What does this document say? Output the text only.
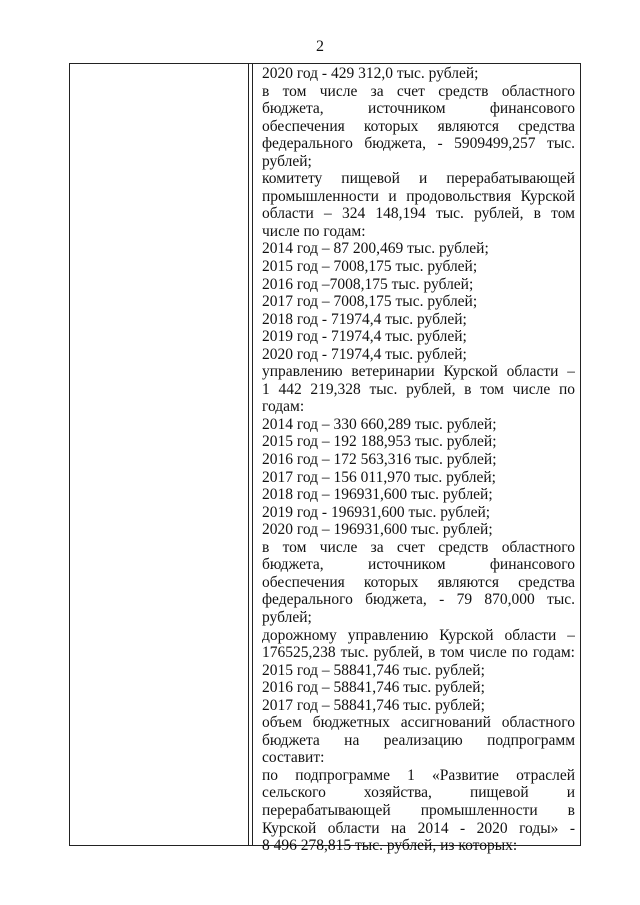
2
2020 год - 429 312,0 тыс. рублей;
в том числе за счет средств областного
бюджета, источником финансового
обеспечения которых являются средства
федерального бюджета, - 5909499,257 тыс.
рублей;
комитету пищевой и перерабатывающей
промышленности и продовольствия Курской
области – 324 148,194 тыс. рублей, в том
числе по годам:
2014 год – 87 200,469 тыс. рублей;
2015 год – 7008,175 тыс. рублей;
2016 год –7008,175 тыс. рублей;
2017 год – 7008,175 тыс. рублей;
2018 год - 71974,4 тыс. рублей;
2019 год - 71974,4 тыс. рублей;
2020 год - 71974,4 тыс. рублей;
управлению ветеринарии Курской области –
1 442 219,328 тыс. рублей, в том числе по
годам:
2014 год – 330 660,289 тыс. рублей;
2015 год – 192 188,953 тыс. рублей;
2016 год – 172 563,316 тыс. рублей;
2017 год – 156 011,970 тыс. рублей;
2018 год – 196931,600 тыс. рублей;
2019 год - 196931,600 тыс. рублей;
2020 год – 196931,600 тыс. рублей;
в том числе за счет средств областного
бюджета, источником финансового
обеспечения которых являются средства
федерального бюджета, - 79 870,000 тыс.
рублей;
дорожному управлению Курской области –
176525,238 тыс. рублей, в том числе по годам:
2015 год – 58841,746 тыс. рублей;
2016 год – 58841,746 тыс. рублей;
2017 год – 58841,746 тыс. рублей;
объем бюджетных ассигнований областного
бюджета на реализацию подпрограмм
составит:
по подпрограмме 1 «Развитие отраслей
сельского хозяйства, пищевой и
перерабатывающей промышленности в
Курской области на 2014 - 2020 годы» -
8 496 278,815 тыс. рублей, из которых:
